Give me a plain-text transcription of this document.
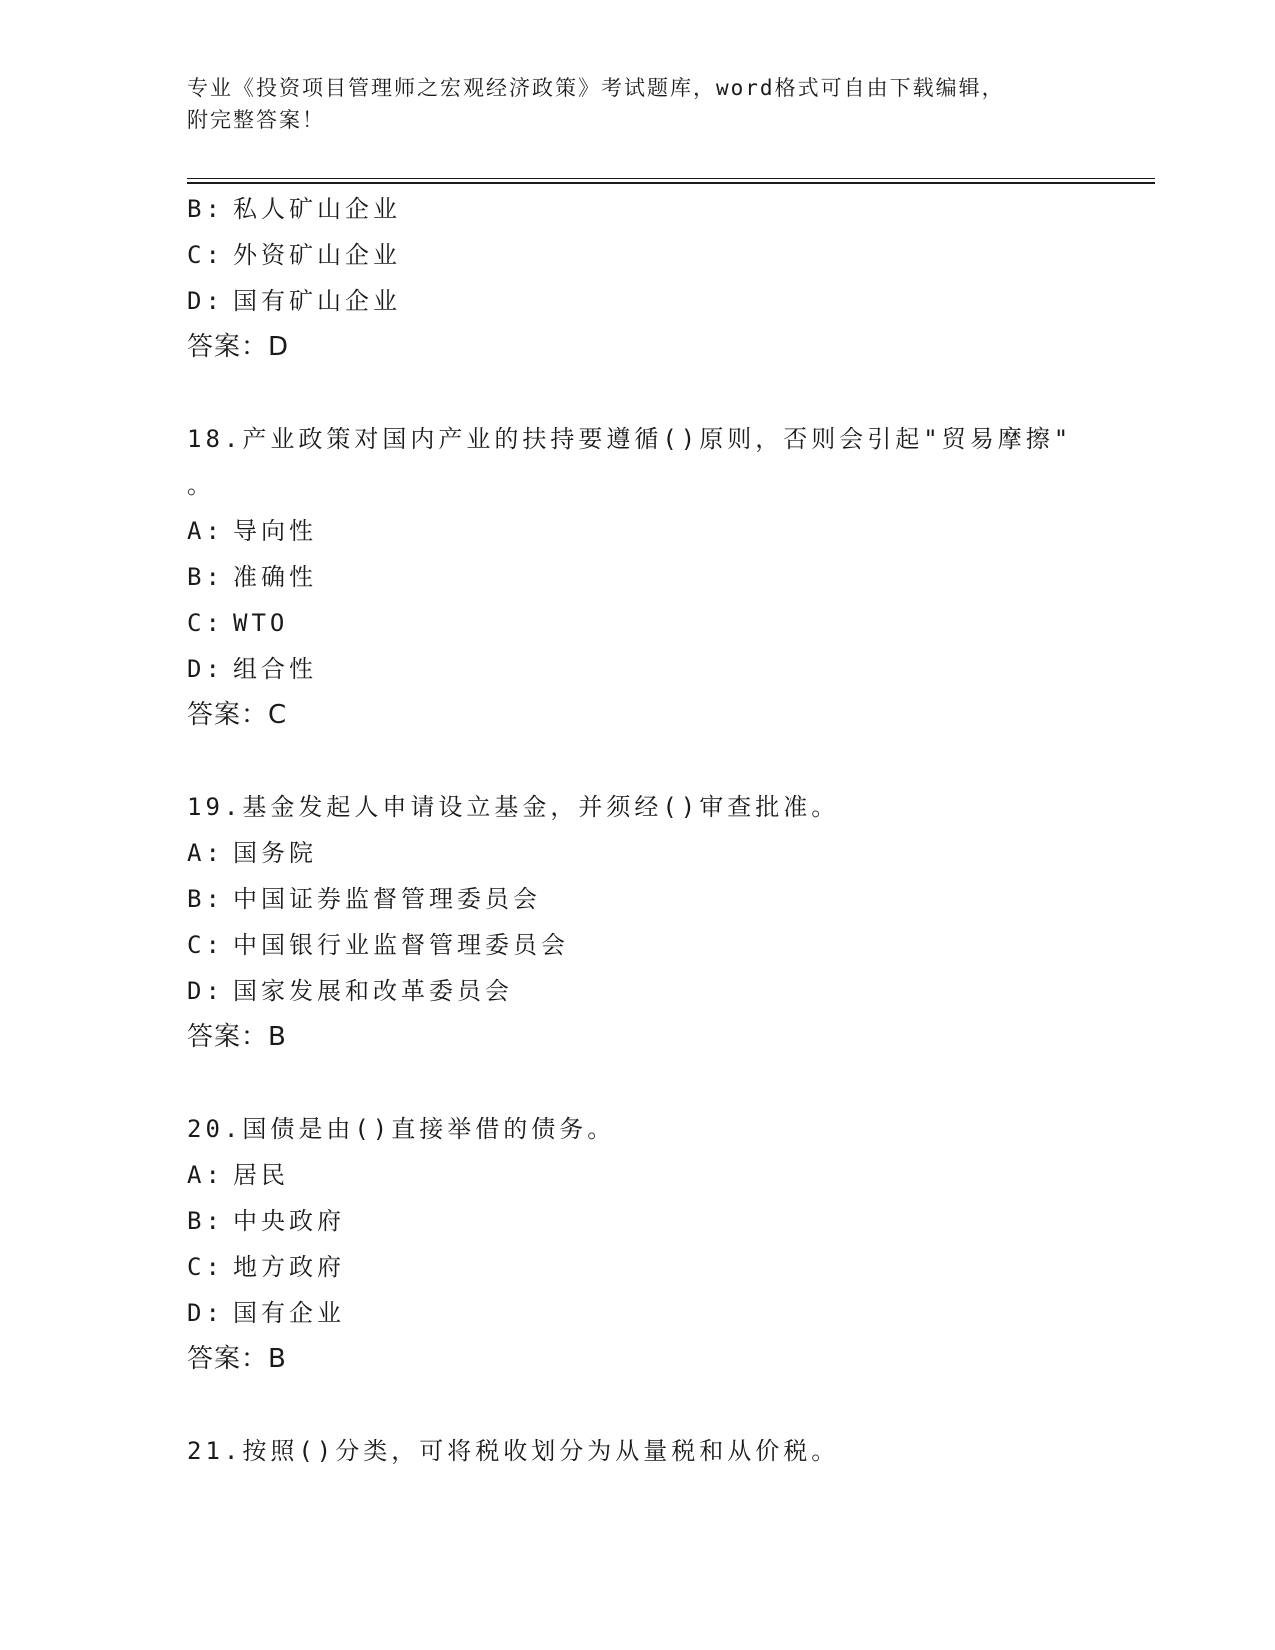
专业《投资项目管理师之宏观经济政策》考试题库，word格式可自由下载编辑，
附完整答案！
B: 私人矿山企业
C: 外资矿山企业
D: 国有矿山企业
答案：D
18.产业政策对国内产业的扶持要遵循()原则，否则会引起"贸易摩擦"
。
A: 导向性
B: 准确性
C: WTO
D: 组合性
答案：C
19.基金发起人申请设立基金，并须经()审查批准。
A: 国务院
B: 中国证券监督管理委员会
C: 中国银行业监督管理委员会
D: 国家发展和改革委员会
答案：B
20.国债是由()直接举借的债务。
A: 居民
B: 中央政府
C: 地方政府
D: 国有企业
答案：B
21.按照()分类，可将税收划分为从量税和从价税。
